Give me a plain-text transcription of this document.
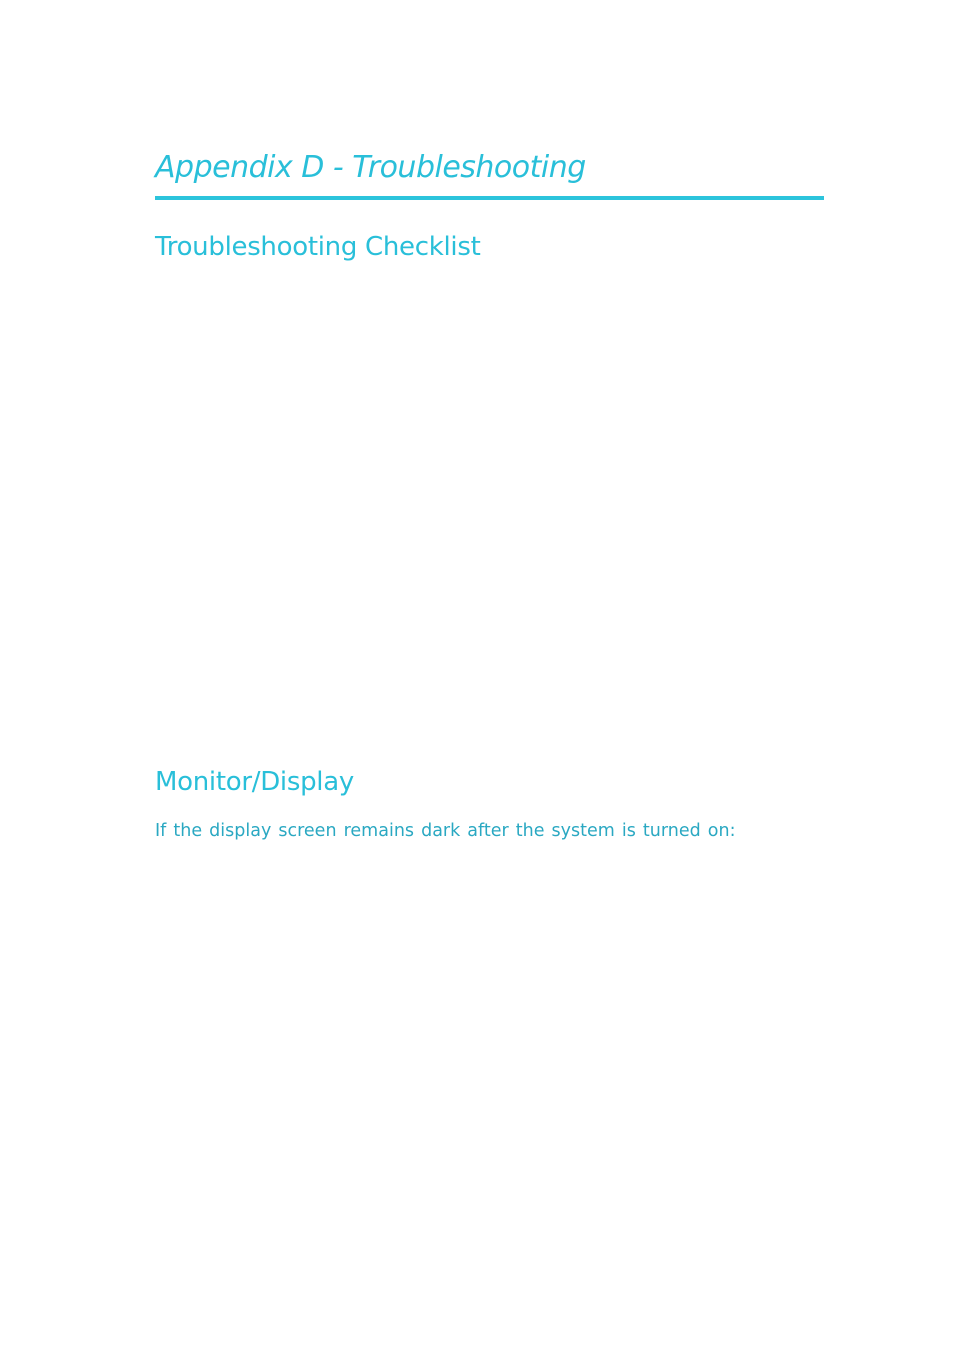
Appendix D - Troubleshooting
Troubleshooting Checklist
Monitor/Display

If the display screen remains dark after the system is turned on:
